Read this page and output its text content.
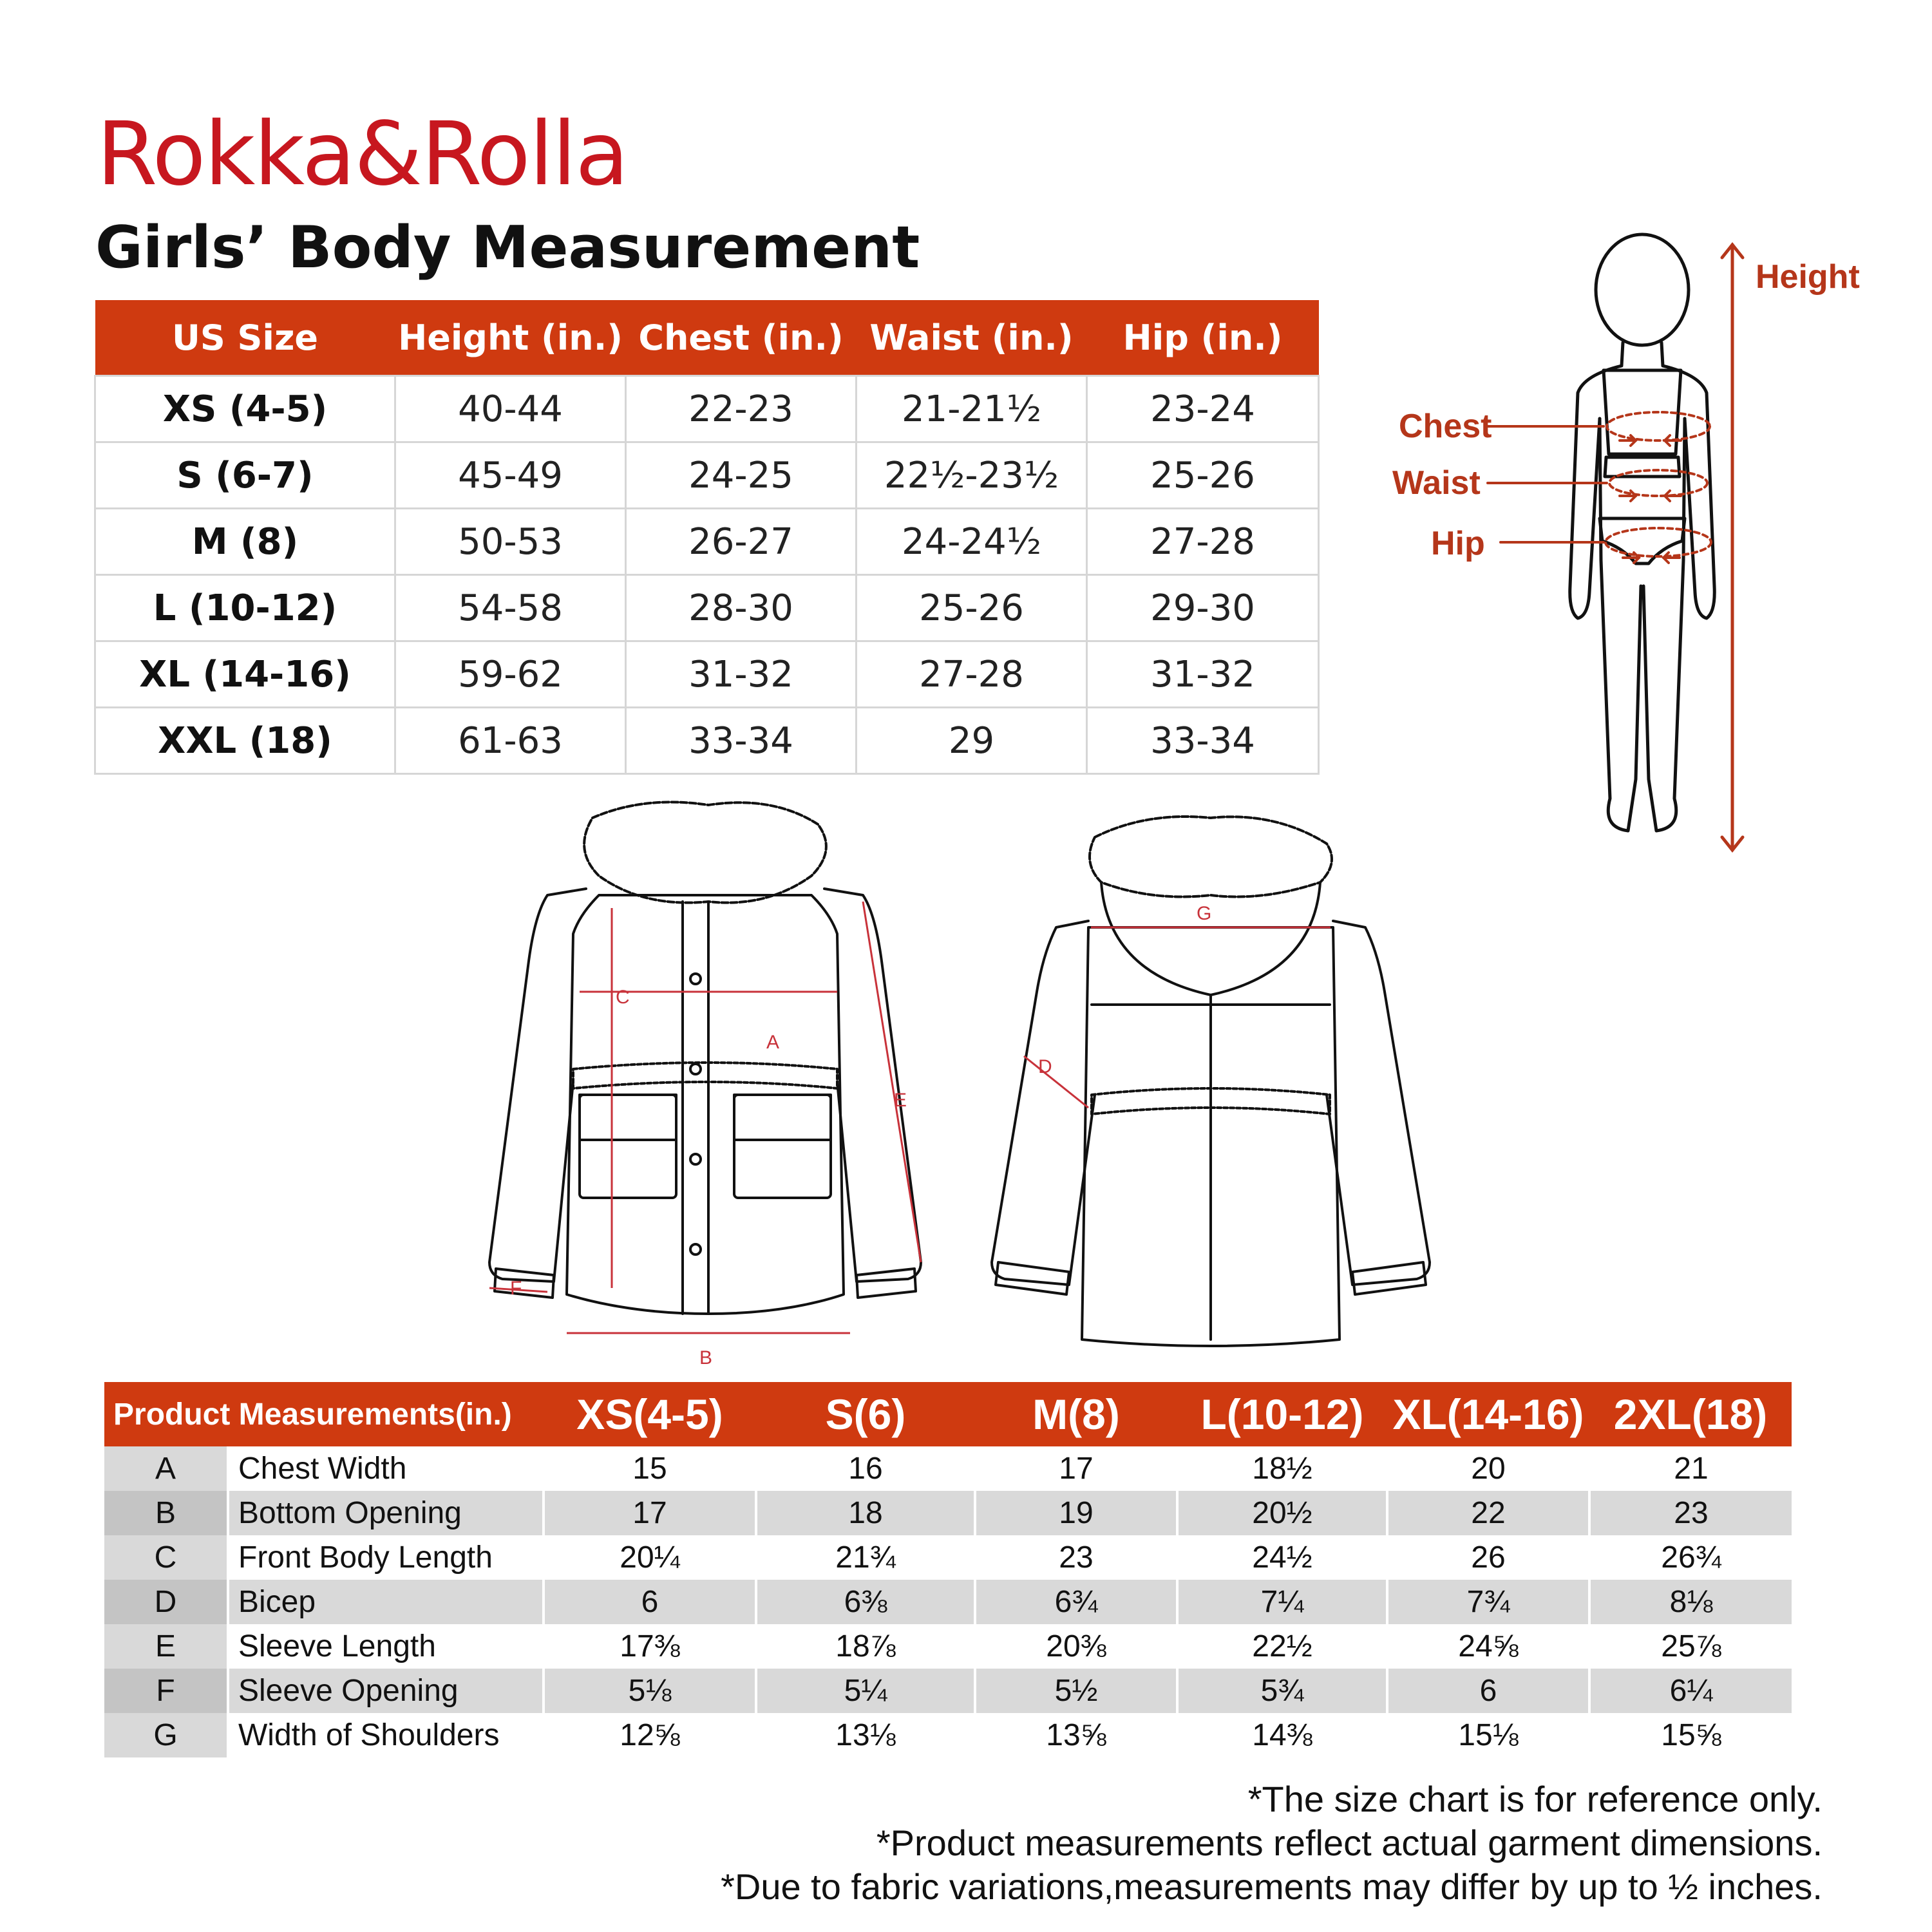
Rokka&Rolla
Girls’ Body Measurement
US Size	Height (in.)	Chest (in.)	Waist (in.)	Hip (in.)
XS (4-5)	40-44	22-23	21-21½	23-24
S (6-7)	45-49	24-25	22½-23½	25-26
M (8)	50-53	26-27	24-24½	27-28
L (10-12)	54-58	28-30	25-26	29-30
XL (14-16)	59-62	31-32	27-28	31-32
XXL (18)	61-63	33-34	29	33-34
Height
Chest
Waist
Hip
A
B
C
E
F
G
D
Product Measurements(in.)		XS(4-5)	S(6)	M(8)	L(10-12)	XL(14-16)	2XL(18)
A	Chest Width	15	16	17	18½	20	21
B	Bottom Opening	17	18	19	20½	22	23
C	Front Body Length	20¼	21¾	23	24½	26	26¾
D	Bicep	6	6⅜	6¾	7¼	7¾	8⅛
E	Sleeve Length	17⅜	18⅞	20⅜	22½	24⅝	25⅞
F	Sleeve Opening	5⅛	5¼	5½	5¾	6	6¼
G	Width of Shoulders	12⅝	13⅛	13⅝	14⅜	15⅛	15⅝
*The size chart is for reference only.
*Product measurements reflect actual garment dimensions.
*Due to fabric variations,measurements may differ by up to ½ inches.
